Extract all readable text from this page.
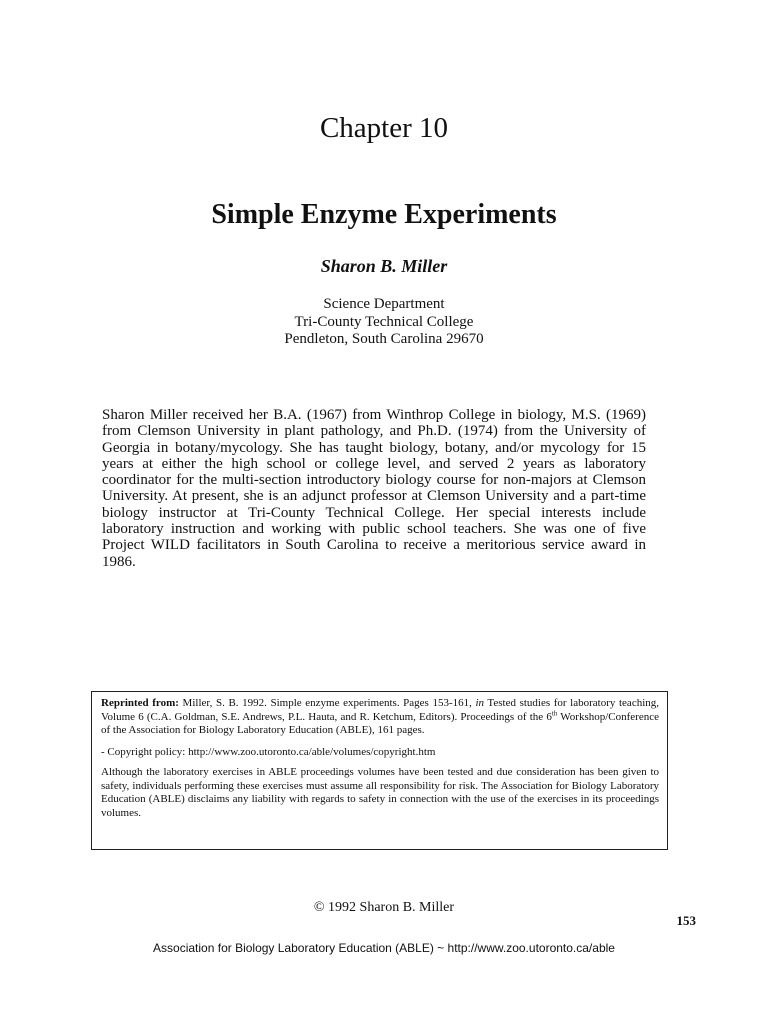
Chapter 10
Simple Enzyme Experiments
Sharon B. Miller
Science Department
Tri-County Technical College
Pendleton, South Carolina 29670

Sharon Miller received her B.A. (1967) from Winthrop College in biology, M.S. (1969) from Clemson University in plant pathology, and Ph.D. (1974) from the University of Georgia in botany/mycology. She has taught biology, botany, and/or mycology for 15 years at either the high school or college level, and served 2 years as laboratory coordinator for the multi-section introductory biology course for non-majors at Clemson University. At present, she is an adjunct professor at Clemson University and a part-time biology instructor at Tri-County Technical College. Her special interests include laboratory instruction and working with public school teachers. She was one of five Project WILD facilitators in South Carolina to receive a meritorious service award in 1986.

Reprinted from: Miller, S. B. 1992. Simple enzyme experiments. Pages 153-161, in Tested studies for laboratory teaching, Volume 6 (C.A. Goldman, S.E. Andrews, P.L. Hauta, and R. Ketchum, Editors). Proceedings of the 6th Workshop/Conference of the Association for Biology Laboratory Education (ABLE), 161 pages.

- Copyright policy: http://www.zoo.utoronto.ca/able/volumes/copyright.htm

Although the laboratory exercises in ABLE proceedings volumes have been tested and due consideration has been given to safety, individuals performing these exercises must assume all responsibility for risk. The Association for Biology Laboratory Education (ABLE) disclaims any liability with regards to safety in connection with the use of the exercises in its proceedings volumes.

© 1992 Sharon B. Miller
153
Association for Biology Laboratory Education (ABLE) ~ http://www.zoo.utoronto.ca/able
